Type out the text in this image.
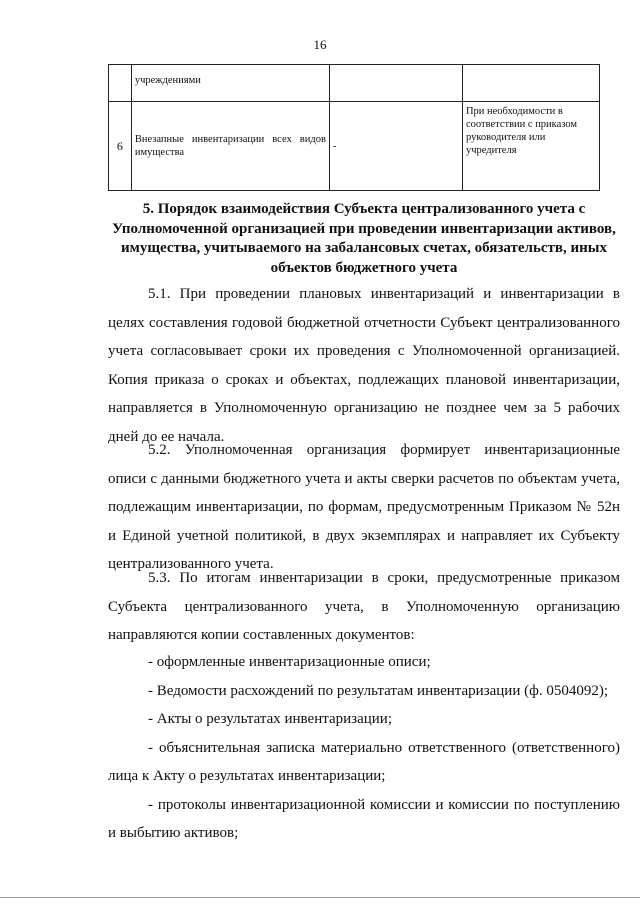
16
	учреждениями		
6	Внезапные инвентаризации всех видов имущества	-	При необходимости в соответствии с приказом руководителя или учредителя
5. Порядок взаимодействия Субъекта централизованного учета с Уполномоченной организацией при проведении инвентаризации активов, имущества, учитываемого на забалансовых счетах, обязательств, иных объектов бюджетного учета

5.1. При проведении плановых инвентаризаций и инвентаризации в целях составления годовой бюджетной отчетности Субъект централизованного учета согласовывает сроки их проведения с Уполномоченной организацией. Копия приказа о сроках и объектах, подлежащих плановой инвентаризации, направляется в Уполномоченную организацию не позднее чем за 5 рабочих дней до ее начала.

5.2. Уполномоченная организация формирует инвентаризационные описи с данными бюджетного учета и акты сверки расчетов по объектам учета, подлежащим инвентаризации, по формам, предусмотренным Приказом № 52н и Единой учетной политикой, в двух экземплярах и направляет их Субъекту централизованного учета.

5.3. По итогам инвентаризации в сроки, предусмотренные приказом Субъекта централизованного учета, в Уполномоченную организацию направляются копии составленных документов:

- оформленные инвентаризационные описи;

- Ведомости расхождений по результатам инвентаризации (ф. 0504092);

- Акты о результатах инвентаризации;

- объяснительная записка материально ответственного (ответственного) лица к Акту о результатах инвентаризации;

- протоколы инвентаризационной комиссии и комиссии по поступлению и выбытию активов;
